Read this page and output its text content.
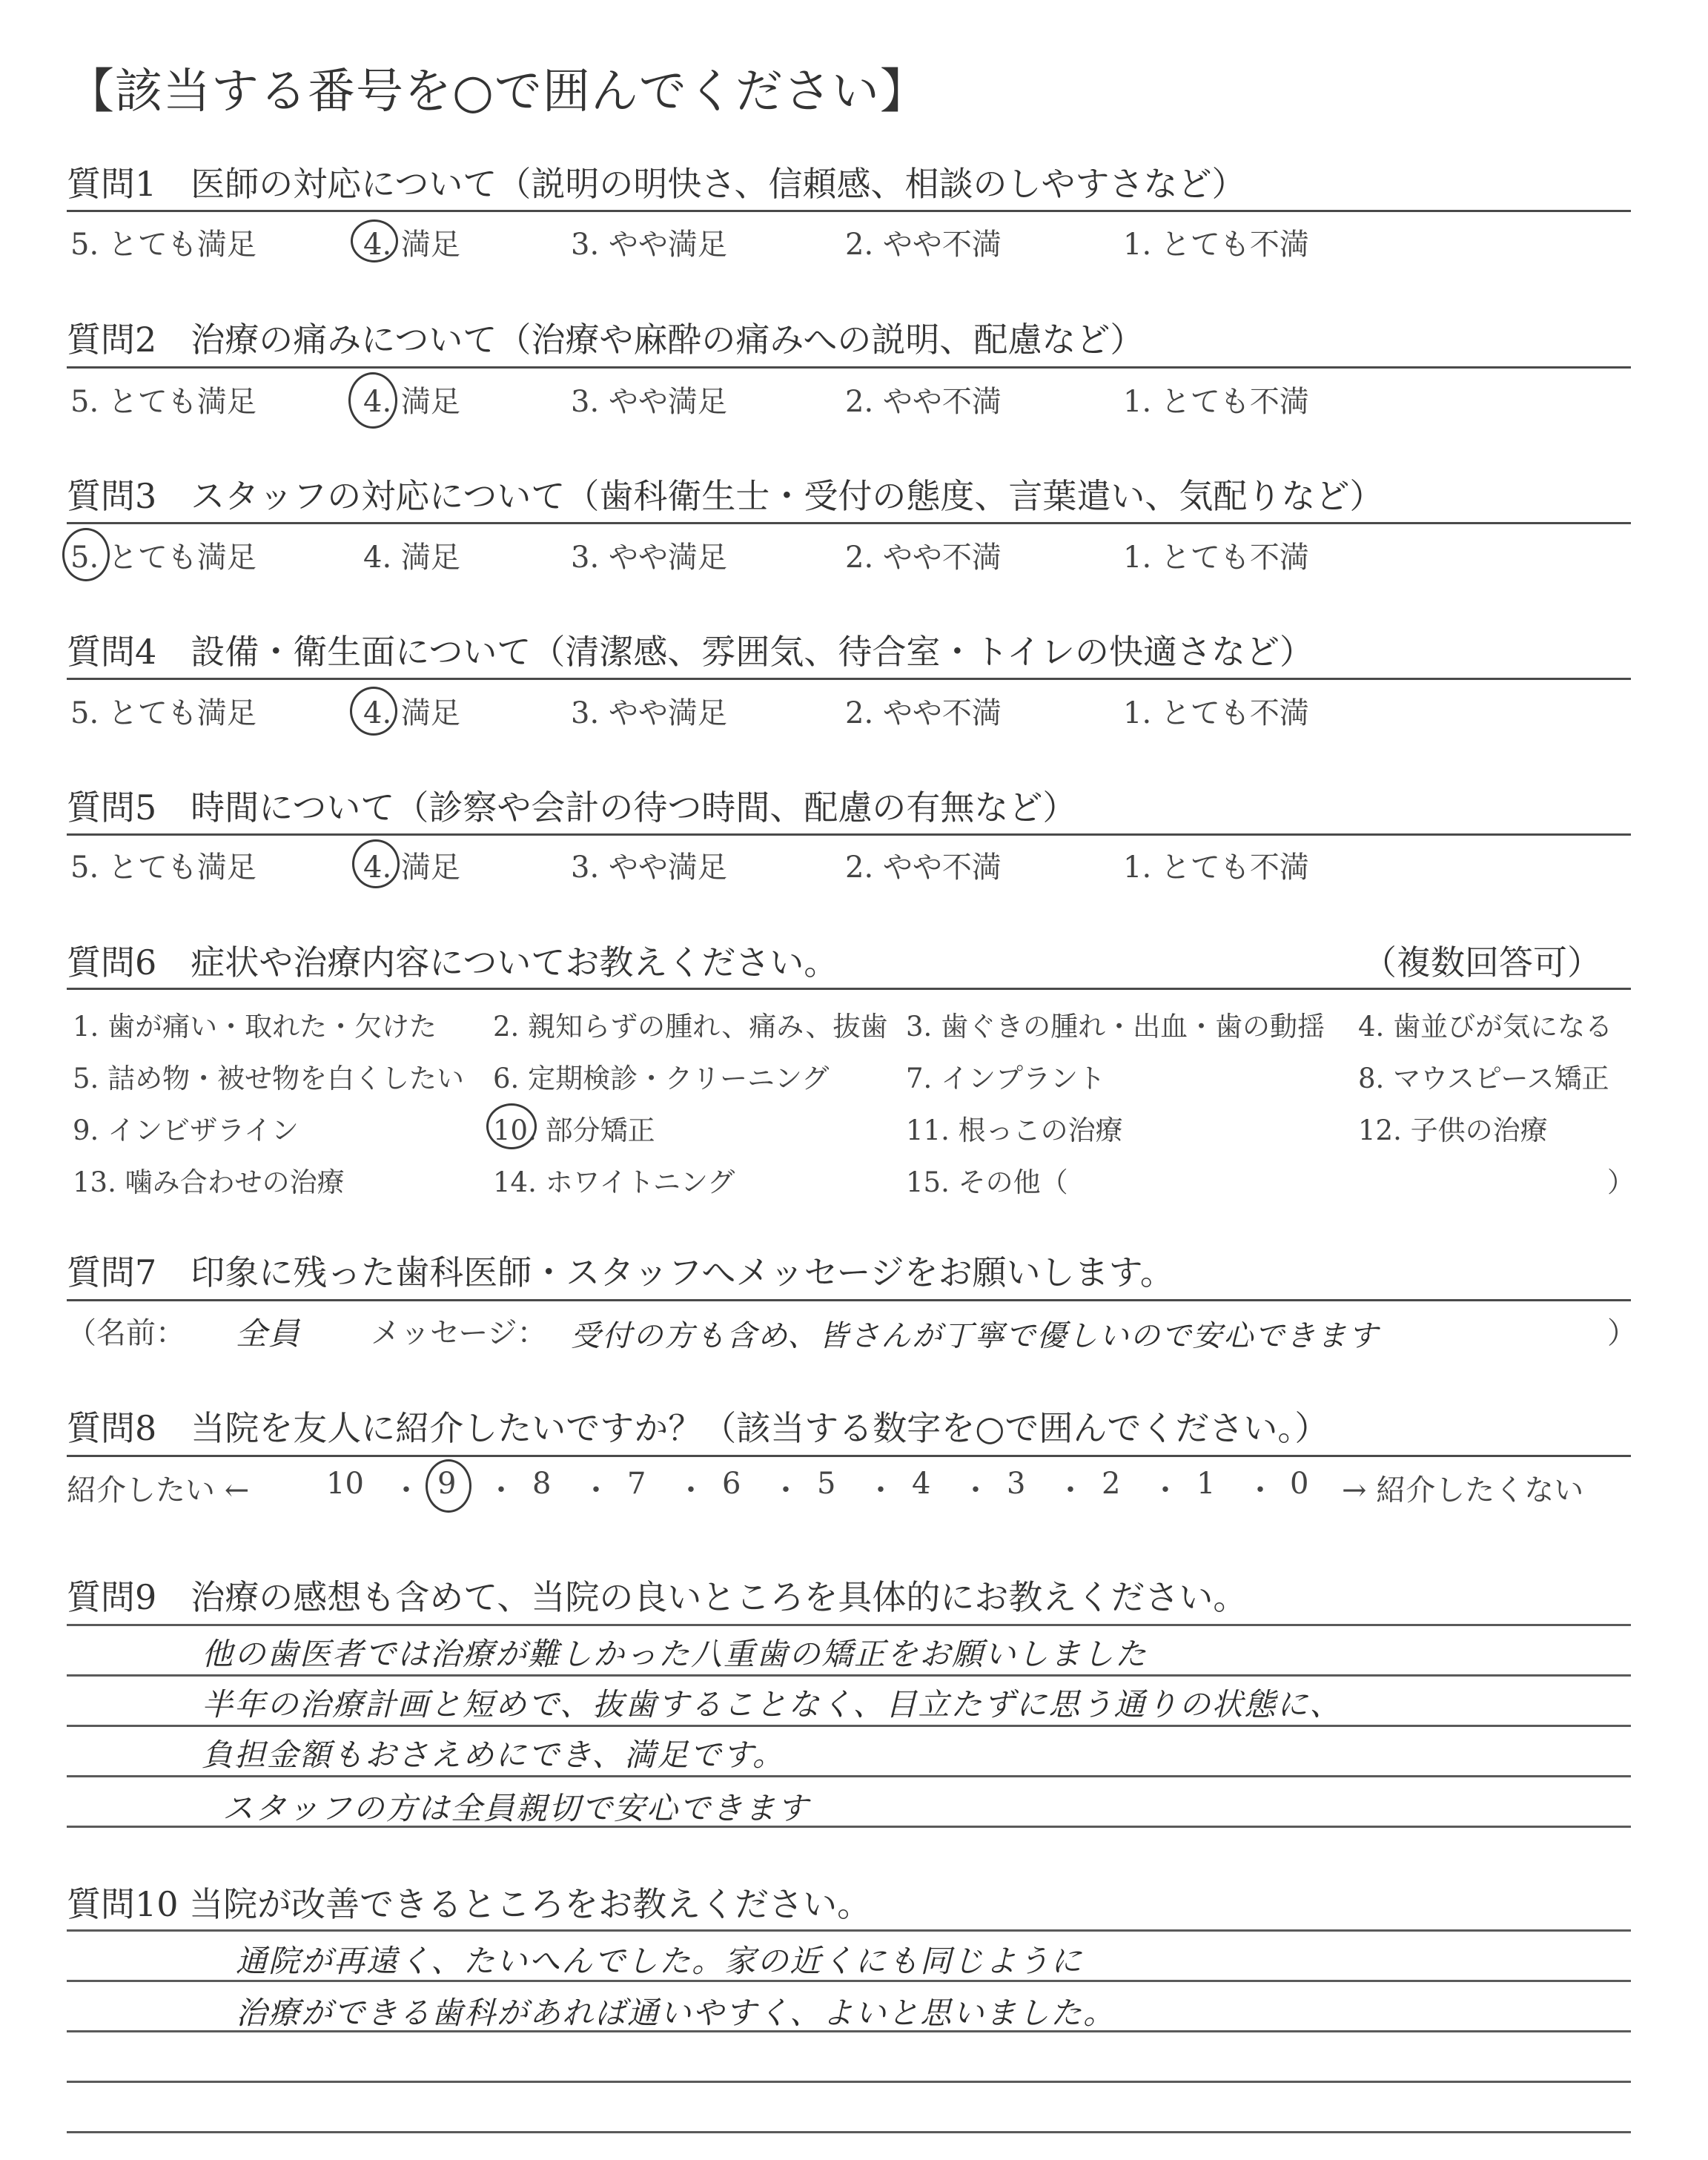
【該当する番号を○で囲んでください】
質問1　医師の対応について（説明の明快さ、信頼感、相談のしやすさなど）
5. とても満足	4. 満足	3. やや満足	2. やや不満	1. とても不満
質問2　治療の痛みについて（治療や麻酔の痛みへの説明、配慮など）
5. とても満足	4. 満足	3. やや満足	2. やや不満	1. とても不満
質問3　スタッフの対応について（歯科衛生士・受付の態度、言葉遣い、気配りなど）
5. とても満足	4. 満足	3. やや満足	2. やや不満	1. とても不満
質問4　設備・衛生面について（清潔感、雰囲気、待合室・トイレの快適さなど）
5. とても満足	4. 満足	3. やや満足	2. やや不満	1. とても不満
質問5　時間について（診察や会計の待つ時間、配慮の有無など）
5. とても満足	4. 満足	3. やや満足	2. やや不満	1. とても不満
質問6　症状や治療内容についてお教えください。	（複数回答可）
1. 歯が痛い・取れた・欠けた 2. 親知らずの腫れ、痛み、抜歯 3. 歯ぐきの腫れ・出血・歯の動揺 4. 歯並びが気になる
5. 詰め物・被せ物を白くしたい 6. 定期検診・クリーニング	7. インプラント	8. マウスピース矯正
9. インビザライン	10. 部分矯正	11. 根っこの治療	12. 子供の治療
13. 噛み合わせの治療	14. ホワイトニング	15. その他（	）
質問7　印象に残った歯科医師・スタッフへメッセージをお願いします。
（名前： 全員 メッセージ： 受付の方も含め、皆さんが丁寧で優しいので安心できます	）
質問8　当院を友人に紹介したいですか？（該当する数字を○で囲んでください。）
紹介したい ←	→ 紹介したくない
10 ・ 9 ・ 8 ・ 7 ・ 6 ・ 5 ・ 4 ・ 3 ・ 2 ・ 1 ・ 0
質問9　治療の感想も含めて、当院の良いところを具体的にお教えください。
他の歯医者では治療が難しかった八重歯の矯正をお願いしました
半年の治療計画と短めで、抜歯することなく、目立たずに思う通りの状態に、
負担金額もおさえめにでき、満足です。
スタッフの方は全員親切で安心できます
質問10 当院が改善できるところをお教えください。
通院が再遠く、たいへんでした。家の近くにも同じように
治療ができる歯科があれば通いやすく、よいと思いました。
